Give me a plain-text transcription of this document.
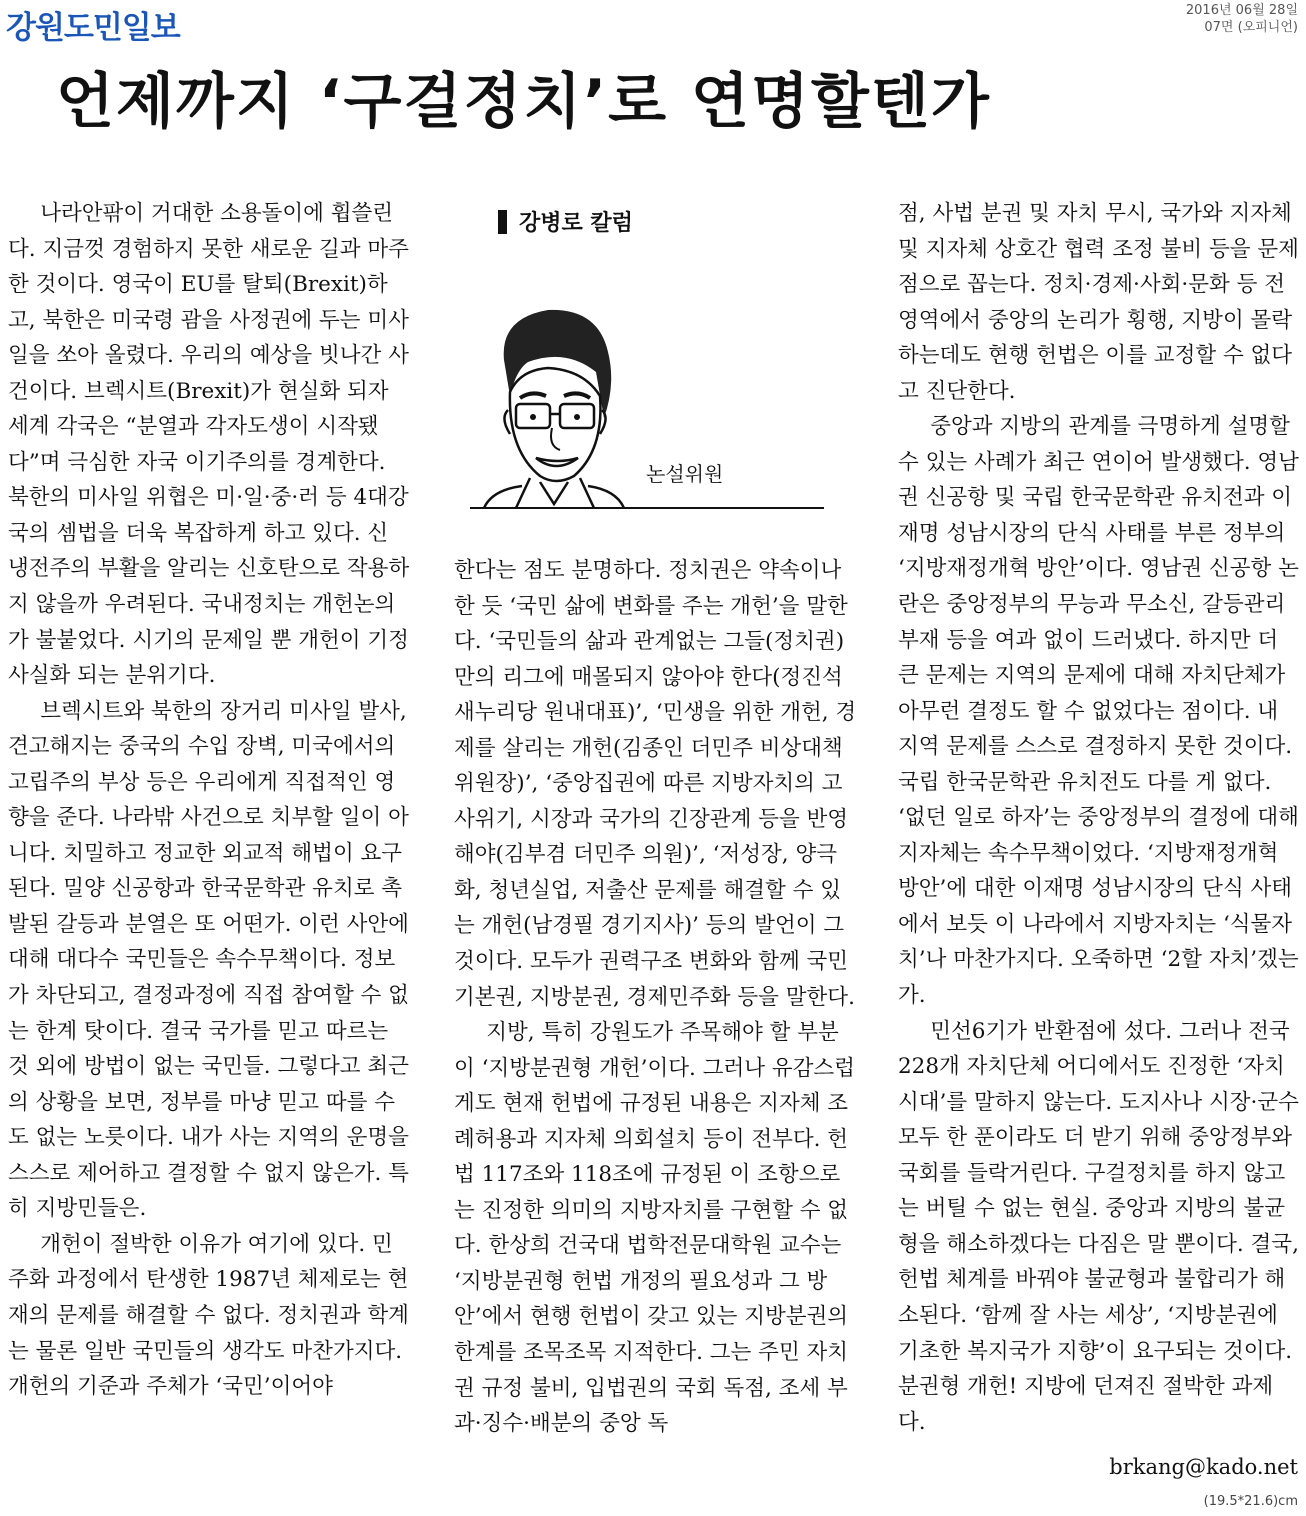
강원도민일보	2016년 06월 28일
07면 (오피니언)
언제까지 ‘구걸정치’로 연명할텐가

나라안팎이 거대한 소용돌이에 휩쓸린다. 지금껏 경험하지 못한 새로운 길과 마주한 것이다. 영국이 EU를 탈퇴(Brexit)하고, 북한은 미국령 괌을 사정권에 두는 미사일을 쏘아 올렸다. 우리의 예상을 빗나간 사건이다. 브렉시트(Brexit)가 현실화 되자 세계 각국은 “분열과 각자도생이 시작됐다”며 극심한 자국 이기주의를 경계한다. 북한의 미사일 위협은 미·일·중·러 등 4대강국의 셈법을 더욱 복잡하게 하고 있다. 신 냉전주의 부활을 알리는 신호탄으로 작용하지 않을까 우려된다. 국내정치는 개헌논의가 불붙었다. 시기의 문제일 뿐 개헌이 기정사실화 되는 분위기다.

브렉시트와 북한의 장거리 미사일 발사, 견고해지는 중국의 수입 장벽, 미국에서의 고립주의 부상 등은 우리에게 직접적인 영향을 준다. 나라밖 사건으로 치부할 일이 아니다. 치밀하고 정교한 외교적 해법이 요구된다. 밀양 신공항과 한국문학관 유치로 촉발된 갈등과 분열은 또 어떤가. 이런 사안에 대해 대다수 국민들은 속수무책이다. 정보가 차단되고, 결정과정에 직접 참여할 수 없는 한계 탓이다. 결국 국가를 믿고 따르는 것 외에 방법이 없는 국민들. 그렇다고 최근의 상황을 보면, 정부를 마냥 믿고 따를 수도 없는 노릇이다. 내가 사는 지역의 운명을 스스로 제어하고 결정할 수 없지 않은가. 특히 지방민들은.

개헌이 절박한 이유가 여기에 있다. 민주화 과정에서 탄생한 1987년 체제로는 현재의 문제를 해결할 수 없다. 정치권과 학계는 물론 일반 국민들의 생각도 마찬가지다. 개헌의 기준과 주체가 ‘국민’이어야

강병로 칼럼
논설위원

한다는 점도 분명하다. 정치권은 약속이나 한 듯 ‘국민 삶에 변화를 주는 개헌’을 말한다. ‘국민들의 삶과 관계없는 그들(정치권)만의 리그에 매몰되지 않아야 한다(정진석 새누리당 원내대표)’, ‘민생을 위한 개헌, 경제를 살리는 개헌(김종인 더민주 비상대책위원장)’, ‘중앙집권에 따른 지방자치의 고사위기, 시장과 국가의 긴장관계 등을 반영해야(김부겸 더민주 의원)’, ‘저성장, 양극화, 청년실업, 저출산 문제를 해결할 수 있는 개헌(남경필 경기지사)’ 등의 발언이 그 것이다. 모두가 권력구조 변화와 함께 국민 기본권, 지방분권, 경제민주화 등을 말한다.

지방, 특히 강원도가 주목해야 할 부분이 ‘지방분권형 개헌’이다. 그러나 유감스럽게도 현재 헌법에 규정된 내용은 지자체 조례허용과 지자체 의회설치 등이 전부다. 헌법 117조와 118조에 규정된 이 조항으로는 진정한 의미의 지방자치를 구현할 수 없다. 한상희 건국대 법학전문대학원 교수는 ‘지방분권형 헌법 개정의 필요성과 그 방안’에서 현행 헌법이 갖고 있는 지방분권의 한계를 조목조목 지적한다. 그는 주민 자치권 규정 불비, 입법권의 국회 독점, 조세 부과·징수·배분의 중앙 독

점, 사법 분권 및 자치 무시, 국가와 지자체 및 지자체 상호간 협력 조정 불비 등을 문제점으로 꼽는다. 정치·경제·사회·문화 등 전 영역에서 중앙의 논리가 횡행, 지방이 몰락하는데도 현행 헌법은 이를 교정할 수 없다고 진단한다.

중앙과 지방의 관계를 극명하게 설명할 수 있는 사례가 최근 연이어 발생했다. 영남권 신공항 및 국립 한국문학관 유치전과 이재명 성남시장의 단식 사태를 부른 정부의 ‘지방재정개혁 방안’이다. 영남권 신공항 논란은 중앙정부의 무능과 무소신, 갈등관리 부재 등을 여과 없이 드러냈다. 하지만 더 큰 문제는 지역의 문제에 대해 자치단체가 아무런 결정도 할 수 없었다는 점이다. 내 지역 문제를 스스로 결정하지 못한 것이다. 국립 한국문학관 유치전도 다를 게 없다. ‘없던 일로 하자’는 중앙정부의 결정에 대해 지자체는 속수무책이었다. ‘지방재정개혁 방안’에 대한 이재명 성남시장의 단식 사태에서 보듯 이 나라에서 지방자치는 ‘식물자치’나 마찬가지다. 오죽하면 ‘2할 자치’겠는가.

민선6기가 반환점에 섰다. 그러나 전국 228개 자치단체 어디에서도 진정한 ‘자치시대’를 말하지 않는다. 도지사나 시장·군수 모두 한 푼이라도 더 받기 위해 중앙정부와 국회를 들락거린다. 구걸정치를 하지 않고는 버틸 수 없는 현실. 중앙과 지방의 불균형을 해소하겠다는 다짐은 말 뿐이다. 결국, 헌법 체계를 바꿔야 불균형과 불합리가 해소된다. ‘함께 잘 사는 세상’, ‘지방분권에 기초한 복지국가 지향’이 요구되는 것이다. 분권형 개헌! 지방에 던져진 절박한 과제다.

brkang@kado.net
(19.5*21.6)cm
